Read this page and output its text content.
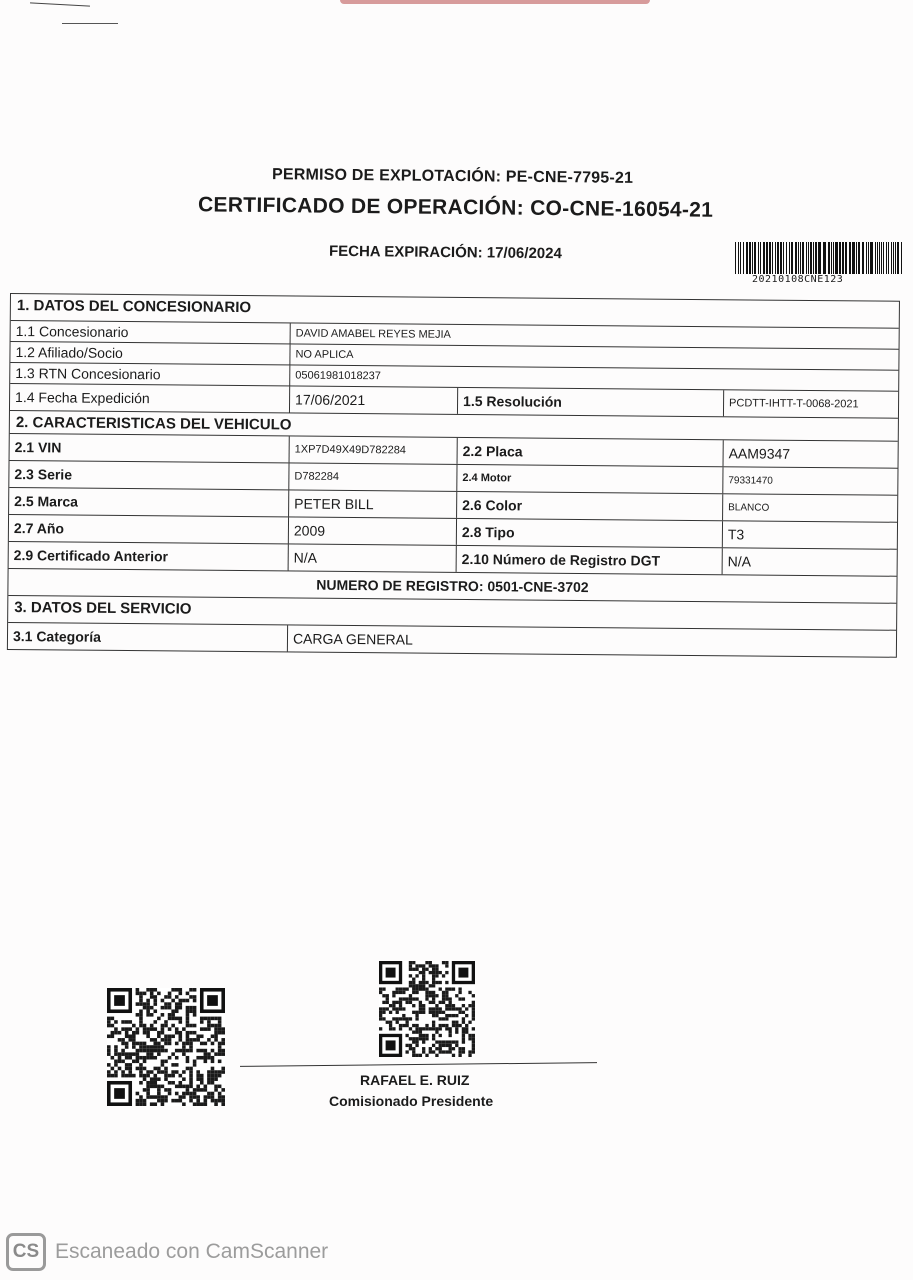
PERMISO DE EXPLOTACIÓN: PE-CNE-7795-21
CERTIFICADO DE OPERACIÓN: CO-CNE-16054-21
FECHA EXPIRACIÓN: 17/06/2024
20210108CNE123
1. DATOS DEL CONCESIONARIO
1.1 Concesionario	DAVID AMABEL REYES MEJIA
1.2 Afiliado/Socio	NO APLICA
1.3 RTN Concesionario	05061981018237
1.4 Fecha Expedición	17/06/2021	1.5 Resolución	PCDTT-IHTT-T-0068-2021
2. CARACTERISTICAS DEL VEHICULO
2.1 VIN	1XP7D49X49D782284	2.2 Placa	AAM9347
2.3 Serie	D782284	2.4 Motor	79331470
2.5 Marca	PETER BILL	2.6 Color	BLANCO
2.7 Año	2009	2.8 Tipo	T3
2.9 Certificado Anterior	N/A	2.10 Número de Registro DGT	N/A
NUMERO DE REGISTRO: 0501-CNE-3702
3. DATOS DEL SERVICIO
3.1 Categoría	CARGA GENERAL
RAFAEL E. RUIZ
Comisionado Presidente
CS Escaneado con CamScanner
